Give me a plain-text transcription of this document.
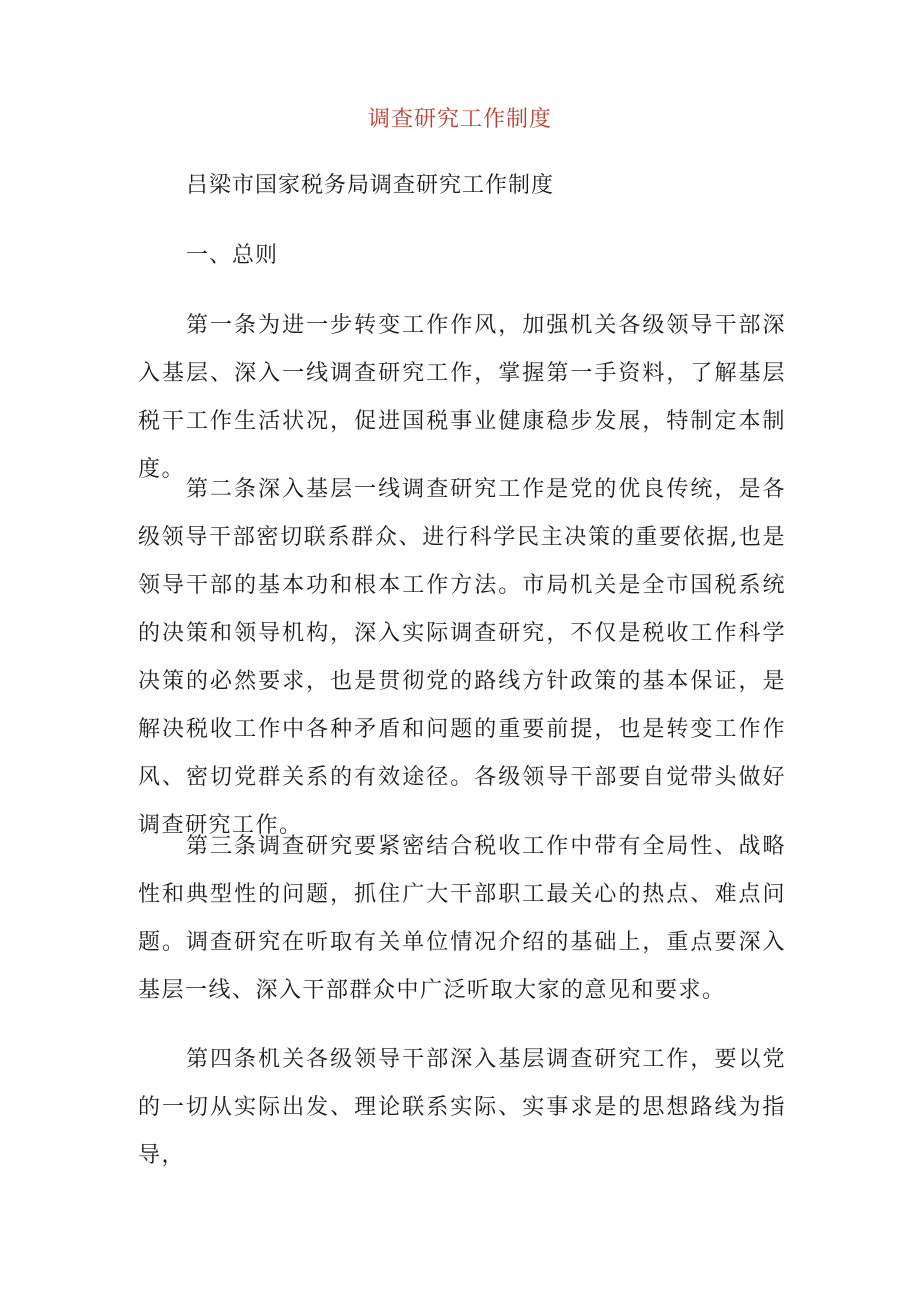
调查研究工作制度
吕梁市国家税务局调查研究工作制度
一、总则

第一条为进一步转变工作作风，加强机关各级领导干部深入基层、深入一线调查研究工作，掌握第一手资料，了解基层税干工作生活状况，促进国税事业健康稳步发展，特制定本制度。

第二条深入基层一线调查研究工作是党的优良传统，是各级领导干部密切联系群众、进行科学民主决策的重要依据,也是领导干部的基本功和根本工作方法。市局机关是全市国税系统的决策和领导机构，深入实际调查研究，不仅是税收工作科学决策的必然要求，也是贯彻党的路线方针政策的基本保证，是解决税收工作中各种矛盾和问题的重要前提，也是转变工作作风、密切党群关系的有效途径。各级领导干部要自觉带头做好调查研究工作。

第三条调查研究要紧密结合税收工作中带有全局性、战略性和典型性的问题，抓住广大干部职工最关心的热点、难点问题。调查研究在听取有关单位情况介绍的基础上，重点要深入基层一线、深入干部群众中广泛听取大家的意见和要求。

第四条机关各级领导干部深入基层调查研究工作，要以党的一切从实际出发、理论联系实际、实事求是的思想路线为指导，
